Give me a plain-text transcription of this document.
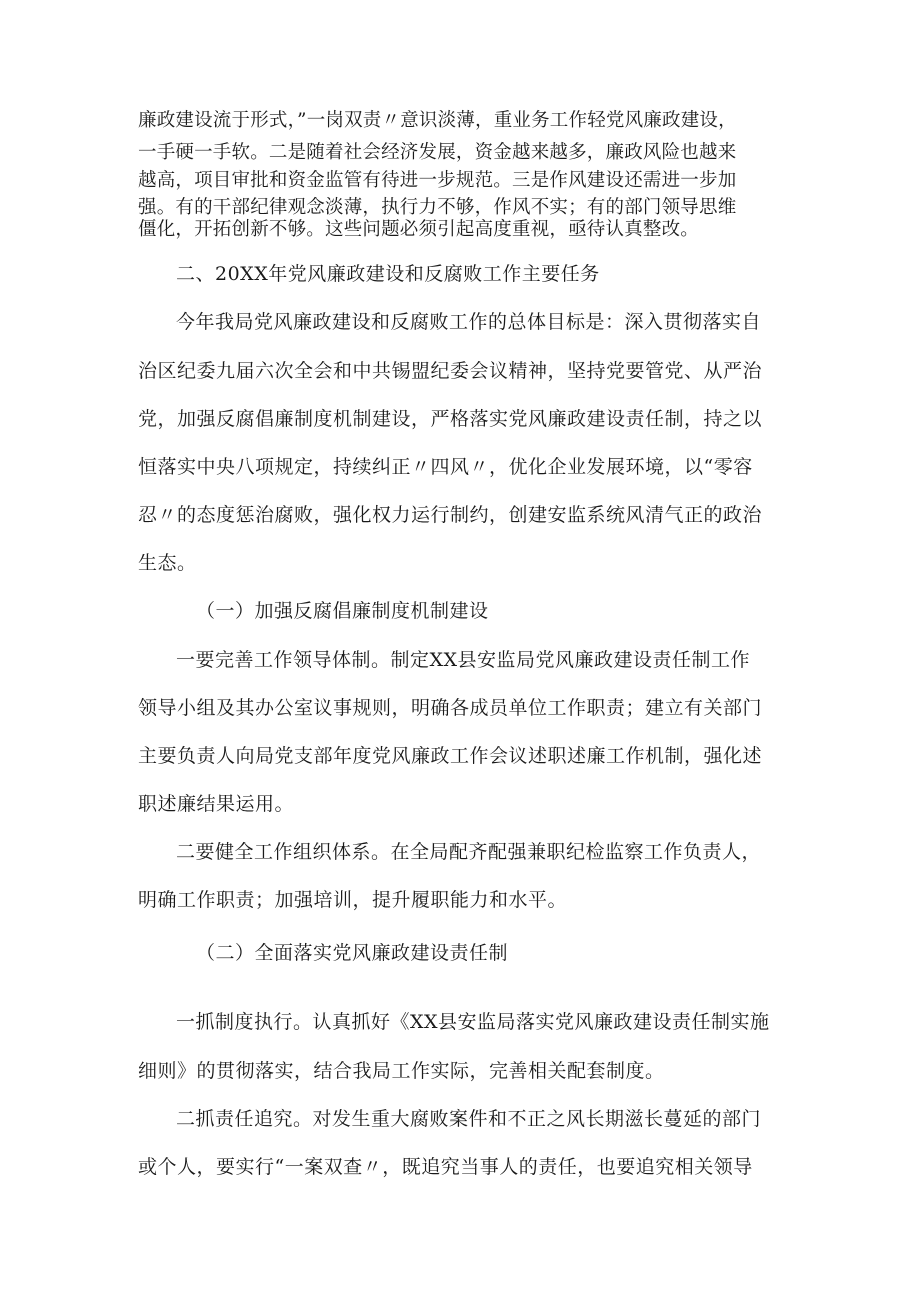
廉政建设流于形式，”一岗双责〃意识淡薄，重业务工作轻党风廉政建设，
一手硬一手软。二是随着社会经济发展，资金越来越多，廉政风险也越来
越高，项目审批和资金监管有待进一步规范。三是作风建设还需进一步加
强。有的干部纪律观念淡薄，执行力不够，作风不实；有的部门领导思维
僵化，开拓创新不够。这些问题必须引起高度重视，亟待认真整改。
二、20XX年党风廉政建设和反腐败工作主要任务
今年我局党风廉政建设和反腐败工作的总体目标是：深入贯彻落实自
治区纪委九届六次全会和中共锡盟纪委会议精神，坚持党要管党、从严治
党，加强反腐倡廉制度机制建设，严格落实党风廉政建设责任制，持之以
恒落实中央八项规定，持续纠正〃四风〃，优化企业发展环境，以“零容
忍〃的态度惩治腐败，强化权力运行制约，创建安监系统风清气正的政治
生态。
（一）加强反腐倡廉制度机制建设
一要完善工作领导体制。制定XX县安监局党风廉政建设责任制工作
领导小组及其办公室议事规则，明确各成员单位工作职责；建立有关部门
主要负责人向局党支部年度党风廉政工作会议述职述廉工作机制，强化述
职述廉结果运用。
二要健全工作组织体系。在全局配齐配强兼职纪检监察工作负责人，
明确工作职责；加强培训，提升履职能力和水平。
（二）全面落实党风廉政建设责任制
一抓制度执行。认真抓好《XX县安监局落实党风廉政建设责任制实施
细则》的贯彻落实，结合我局工作实际，完善相关配套制度。
二抓责任追究。对发生重大腐败案件和不正之风长期滋长蔓延的部门
或个人，要实行“一案双查〃，既追究当事人的责任，也要追究相关领导
